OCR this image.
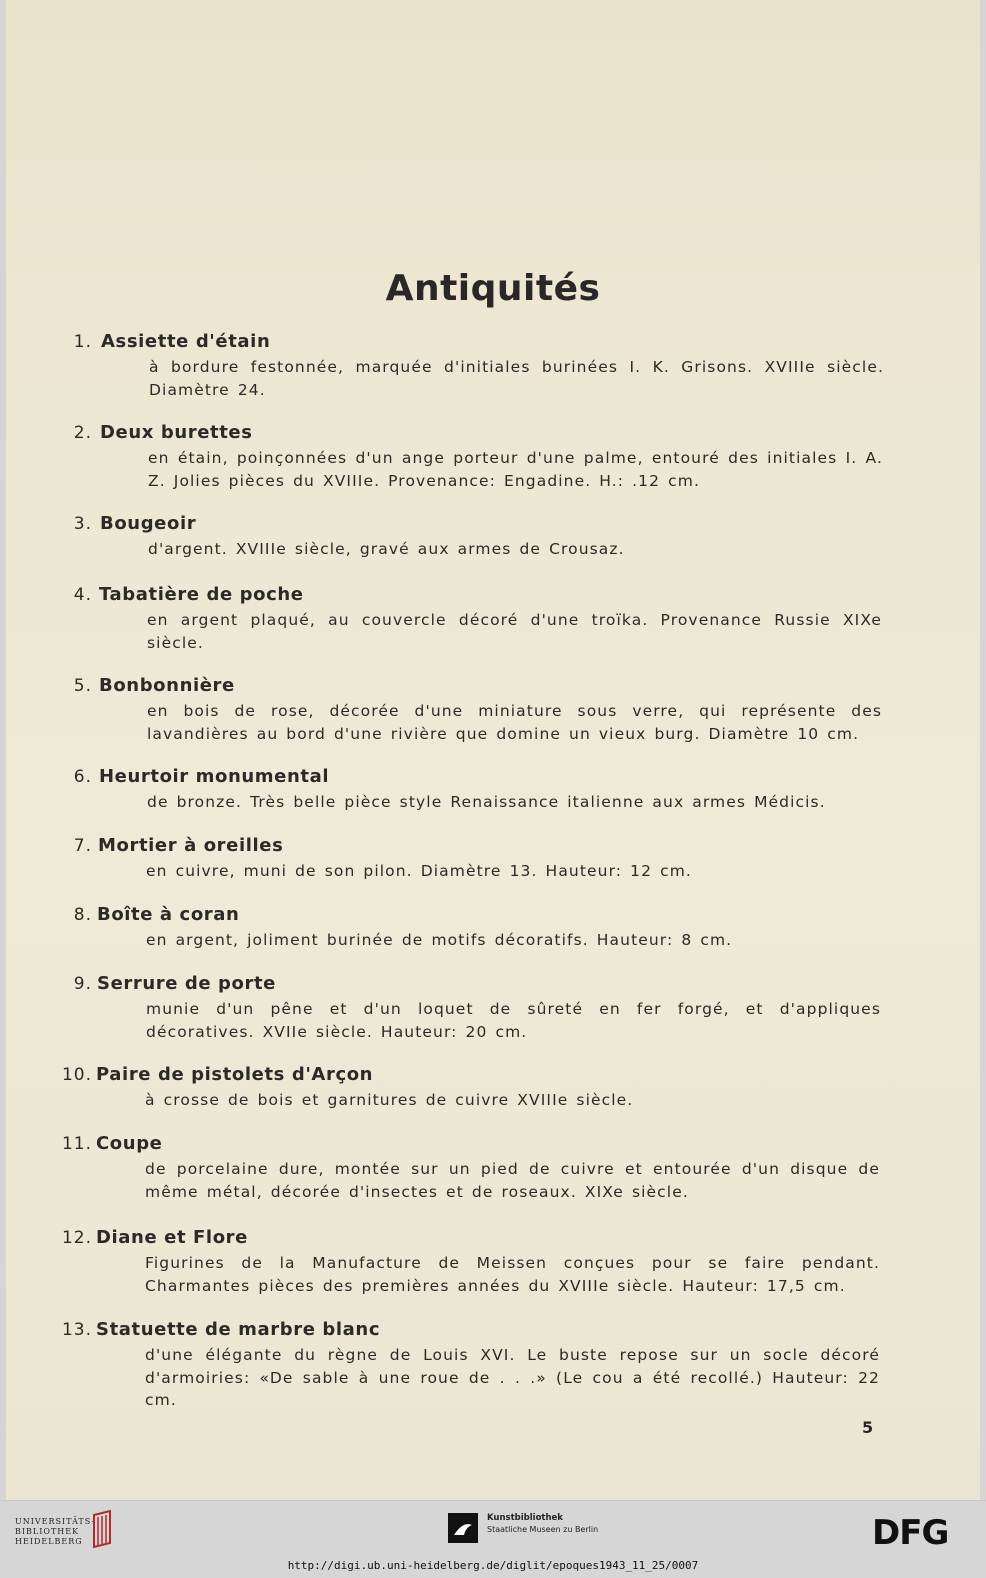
Antiquités
1. Assiette d'étain
à bordure festonnée, marquée d'initiales burinées I. K. Grisons. XVIIIe siècle. Diamètre 24.
2. Deux burettes
en étain, poinçonnées d'un ange porteur d'une palme, entouré des initiales I. A. Z. Jolies pièces du XVIIIe. Provenance: Engadine. H.: .12 cm.
3. Bougeoir
d'argent. XVIIIe siècle, gravé aux armes de Crousaz.
4. Tabatière de poche
en argent plaqué, au couvercle décoré d'une troïka. Provenance Russie XIXe siècle.
5. Bonbonnière
en bois de rose, décorée d'une miniature sous verre, qui représente des lavandières au bord d'une rivière que domine un vieux burg. Diamètre 10 cm.
6. Heurtoir monumental
de bronze. Très belle pièce style Renaissance italienne aux armes Médicis.
7. Mortier à oreilles
en cuivre, muni de son pilon. Diamètre 13. Hauteur: 12 cm.
8. Boîte à coran
en argent, joliment burinée de motifs décoratifs. Hauteur: 8 cm.
9. Serrure de porte
munie d'un pêne et d'un loquet de sûreté en fer forgé, et d'appliques décoratives. XVIIe siècle. Hauteur: 20 cm.
10. Paire de pistolets d'Arçon
à crosse de bois et garnitures de cuivre XVIIIe siècle.
11. Coupe
de porcelaine dure, montée sur un pied de cuivre et entourée d'un disque de même métal, décorée d'insectes et de roseaux. XIXe siècle.
12. Diane et Flore
Figurines de la Manufacture de Meissen conçues pour se faire pendant. Charmantes pièces des premières années du XVIIIe siècle. Hauteur: 17,5 cm.
13. Statuette de marbre blanc
d'une élégante du règne de Louis XVI. Le buste repose sur un socle décoré d'armoiries: «De sable à une roue de . . .» (Le cou a été recollé.) Hauteur: 22 cm.
5
UNIVERSITÄTS-
BIBLIOTHEK
HEIDELBERG
Kunstbibliothek
Staatliche Museen zu Berlin	DFG
http://digi.ub.uni-heidelberg.de/diglit/epoques1943_11_25/0007
